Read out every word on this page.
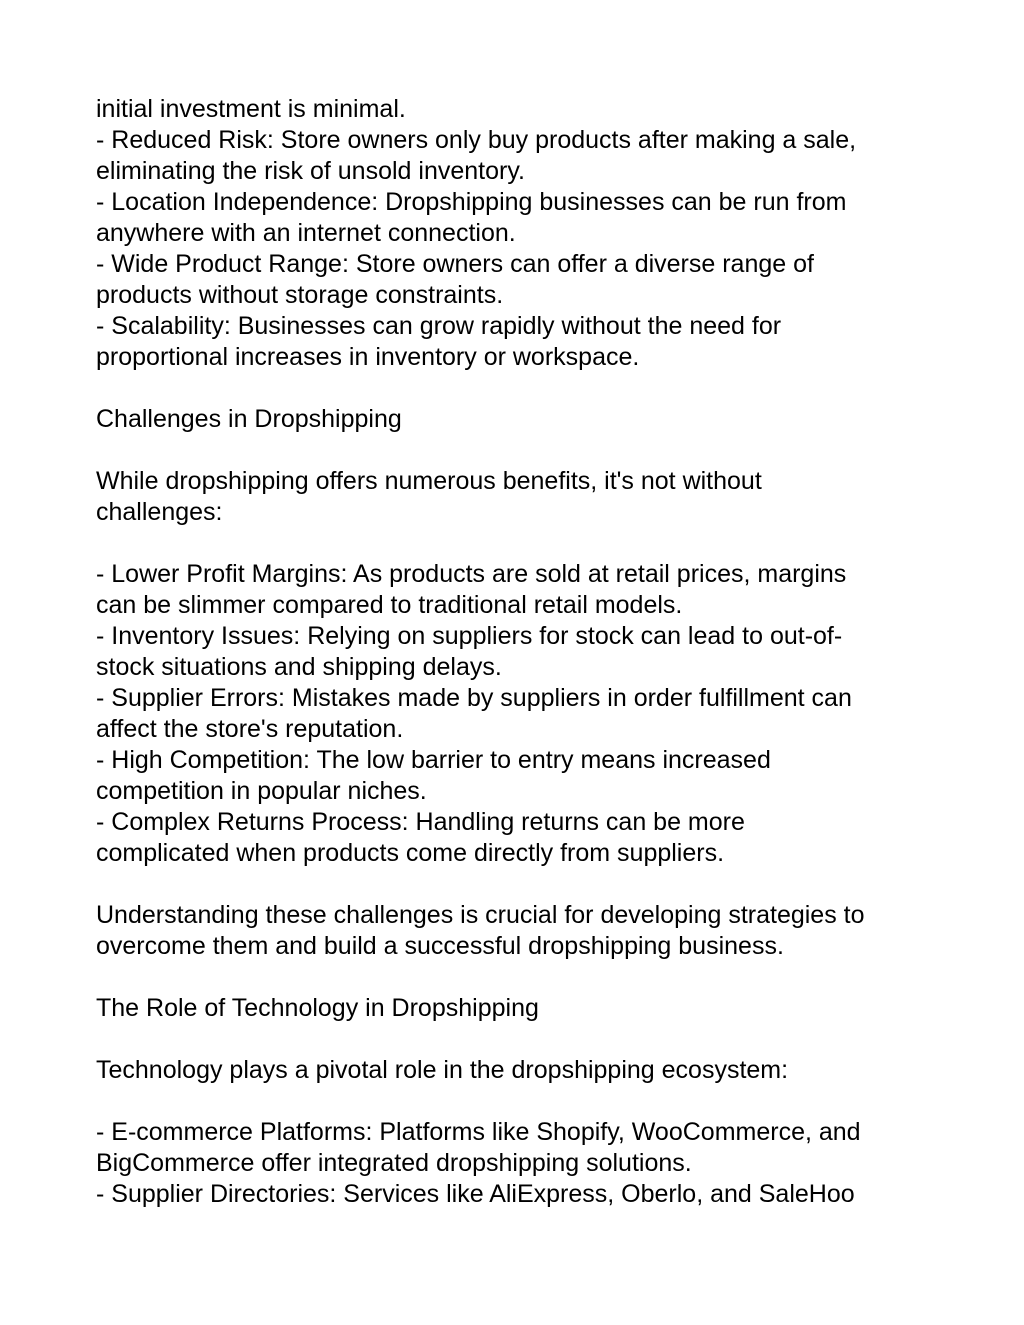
initial investment is minimal.
- Reduced Risk: Store owners only buy products after making a sale,
eliminating the risk of unsold inventory.
- Location Independence: Dropshipping businesses can be run from
anywhere with an internet connection.
- Wide Product Range: Store owners can offer a diverse range of
products without storage constraints.
- Scalability: Businesses can grow rapidly without the need for
proportional increases in inventory or workspace.
Challenges in Dropshipping
While dropshipping offers numerous benefits, it's not without
challenges:
- Lower Profit Margins: As products are sold at retail prices, margins
can be slimmer compared to traditional retail models.
- Inventory Issues: Relying on suppliers for stock can lead to out-of-
stock situations and shipping delays.
- Supplier Errors: Mistakes made by suppliers in order fulfillment can
affect the store's reputation.
- High Competition: The low barrier to entry means increased
competition in popular niches.
- Complex Returns Process: Handling returns can be more
complicated when products come directly from suppliers.
Understanding these challenges is crucial for developing strategies to
overcome them and build a successful dropshipping business.
The Role of Technology in Dropshipping
Technology plays a pivotal role in the dropshipping ecosystem:
- E-commerce Platforms: Platforms like Shopify, WooCommerce, and
BigCommerce offer integrated dropshipping solutions.
- Supplier Directories: Services like AliExpress, Oberlo, and SaleHoo
